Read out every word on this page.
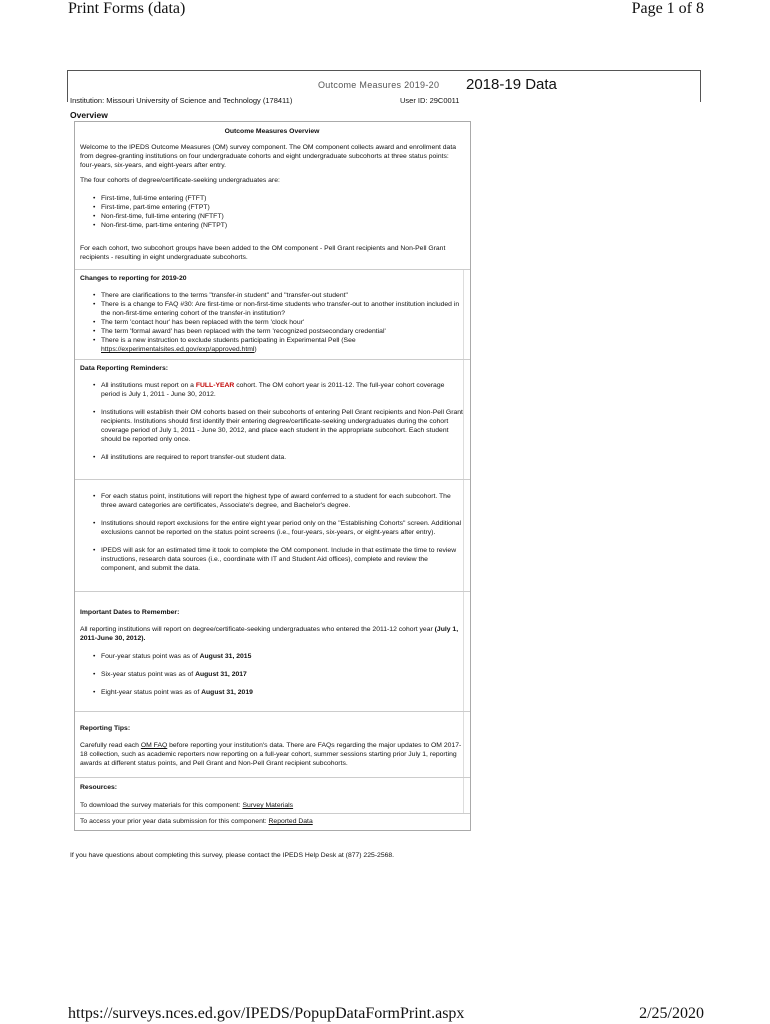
Print Forms (data)	Page 1 of 8
Outcome Measures 2019-20 2018-19 Data
Institution: Missouri University of Science and Technology (178411)	User ID: 29C0011
Overview
Outcome Measures Overview

Welcome to the IPEDS Outcome Measures (OM) survey component. The OM component collects award and enrollment data from degree-granting institutions on four undergraduate cohorts and eight undergraduate subcohorts at three status points: four-years, six-years, and eight-years after entry.

The four cohorts of degree/certificate-seeking undergraduates are:

• First-time, full-time entering (FTFT)
• First-time, part-time entering (FTPT)
• Non-first-time, full-time entering (NFTFT)
• Non-first-time, part-time entering (NFTPT)

For each cohort, two subcohort groups have been added to the OM component - Pell Grant recipients and Non-Pell Grant recipients - resulting in eight undergraduate subcohorts.

Changes to reporting for 2019-20
• There are clarifications to the terms "transfer-in student" and "transfer-out student"
• There is a change to FAQ #30: Are first-time or non-first-time students who transfer-out to another institution included in the non-first-time entering cohort of the transfer-in institution?
• The term 'contact hour' has been replaced with the term 'clock hour'
• The term 'formal award' has been replaced with the term 'recognized postsecondary credential'
• There is a new instruction to exclude students participating in Experimental Pell (See https://experimentalsites.ed.gov/exp/approved.html)
Data Reporting Reminders:
• All institutions must report on a FULL-YEAR cohort. The OM cohort year is 2011-12. The full-year cohort coverage period is July 1, 2011 - June 30, 2012.
• Institutions will establish their OM cohorts based on their subcohorts of entering Pell Grant recipients and Non-Pell Grant recipients. Institutions should first identify their entering degree/certificate-seeking undergraduates during the cohort coverage period of July 1, 2011 - June 30, 2012, and place each student in the appropriate subcohort. Each student should be reported only once.
• All institutions are required to report transfer-out student data.
• For each status point, institutions will report the highest type of award conferred to a student for each subcohort. The three award categories are certificates, Associate's degree, and Bachelor's degree.
• Institutions should report exclusions for the entire eight year period only on the "Establishing Cohorts" screen. Additional exclusions cannot be reported on the status point screens (i.e., four-years, six-years, or eight-years after entry).
• IPEDS will ask for an estimated time it took to complete the OM component. Include in that estimate the time to review instructions, research data sources (i.e., coordinate with IT and Student Aid offices), complete and review the component, and submit the data.
Important Dates to Remember:

All reporting institutions will report on degree/certificate-seeking undergraduates who entered the 2011-12 cohort year (July 1, 2011-June 30, 2012).

• Four-year status point was as of August 31, 2015
• Six-year status point was as of August 31, 2017
• Eight-year status point was as of August 31, 2019
Reporting Tips:

Carefully read each OM FAQ before reporting your institution's data. There are FAQs regarding the major updates to OM 2017-18 collection, such as academic reporters now reporting on a full-year cohort, summer sessions starting prior July 1, reporting awards at different status points, and Pell Grant and Non-Pell Grant recipient subcohorts.

Resources:
To download the survey materials for this component: Survey Materials
To access your prior year data submission for this component: Reported Data
If you have questions about completing this survey, please contact the IPEDS Help Desk at (877) 225-2568.
https://surveys.nces.ed.gov/IPEDS/PopupDataFormPrint.aspx	2/25/2020
